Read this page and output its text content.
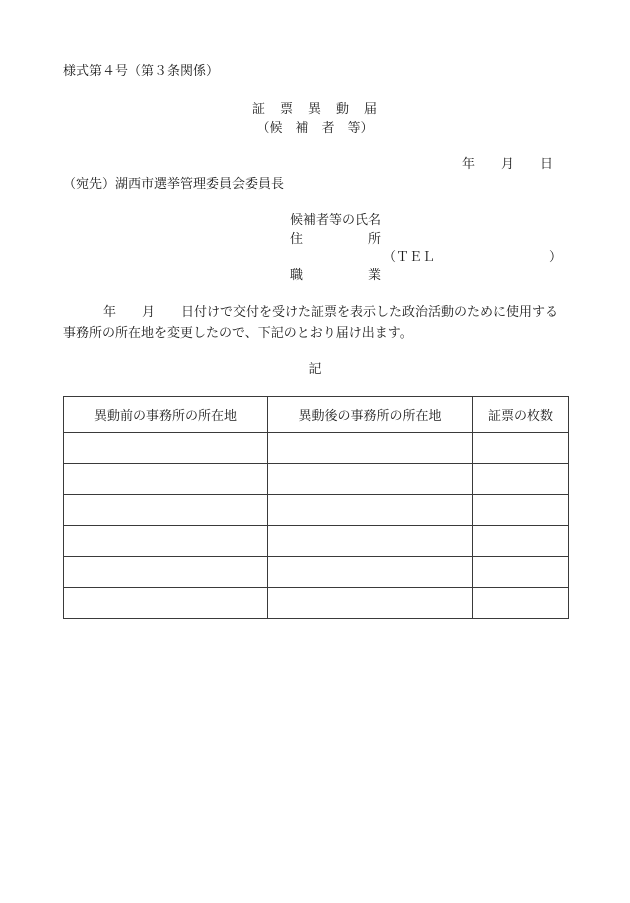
様式第４号（第３条関係）
証　票　異　動　届
（候　補　者　等）
年　　月　　日
（宛先）湖西市選挙管理委員会委員長
候補者等の氏名
住　　　　　所
（ＴＥＬ	）
職　　　　　業
年　　月　　日付けで交付を受けた証票を表示した政治活動のために使用する事務所の所在地を変更したので、下記のとおり届け出ます。
記
異動前の事務所の所在地	異動後の事務所の所在地	証票の枚数
